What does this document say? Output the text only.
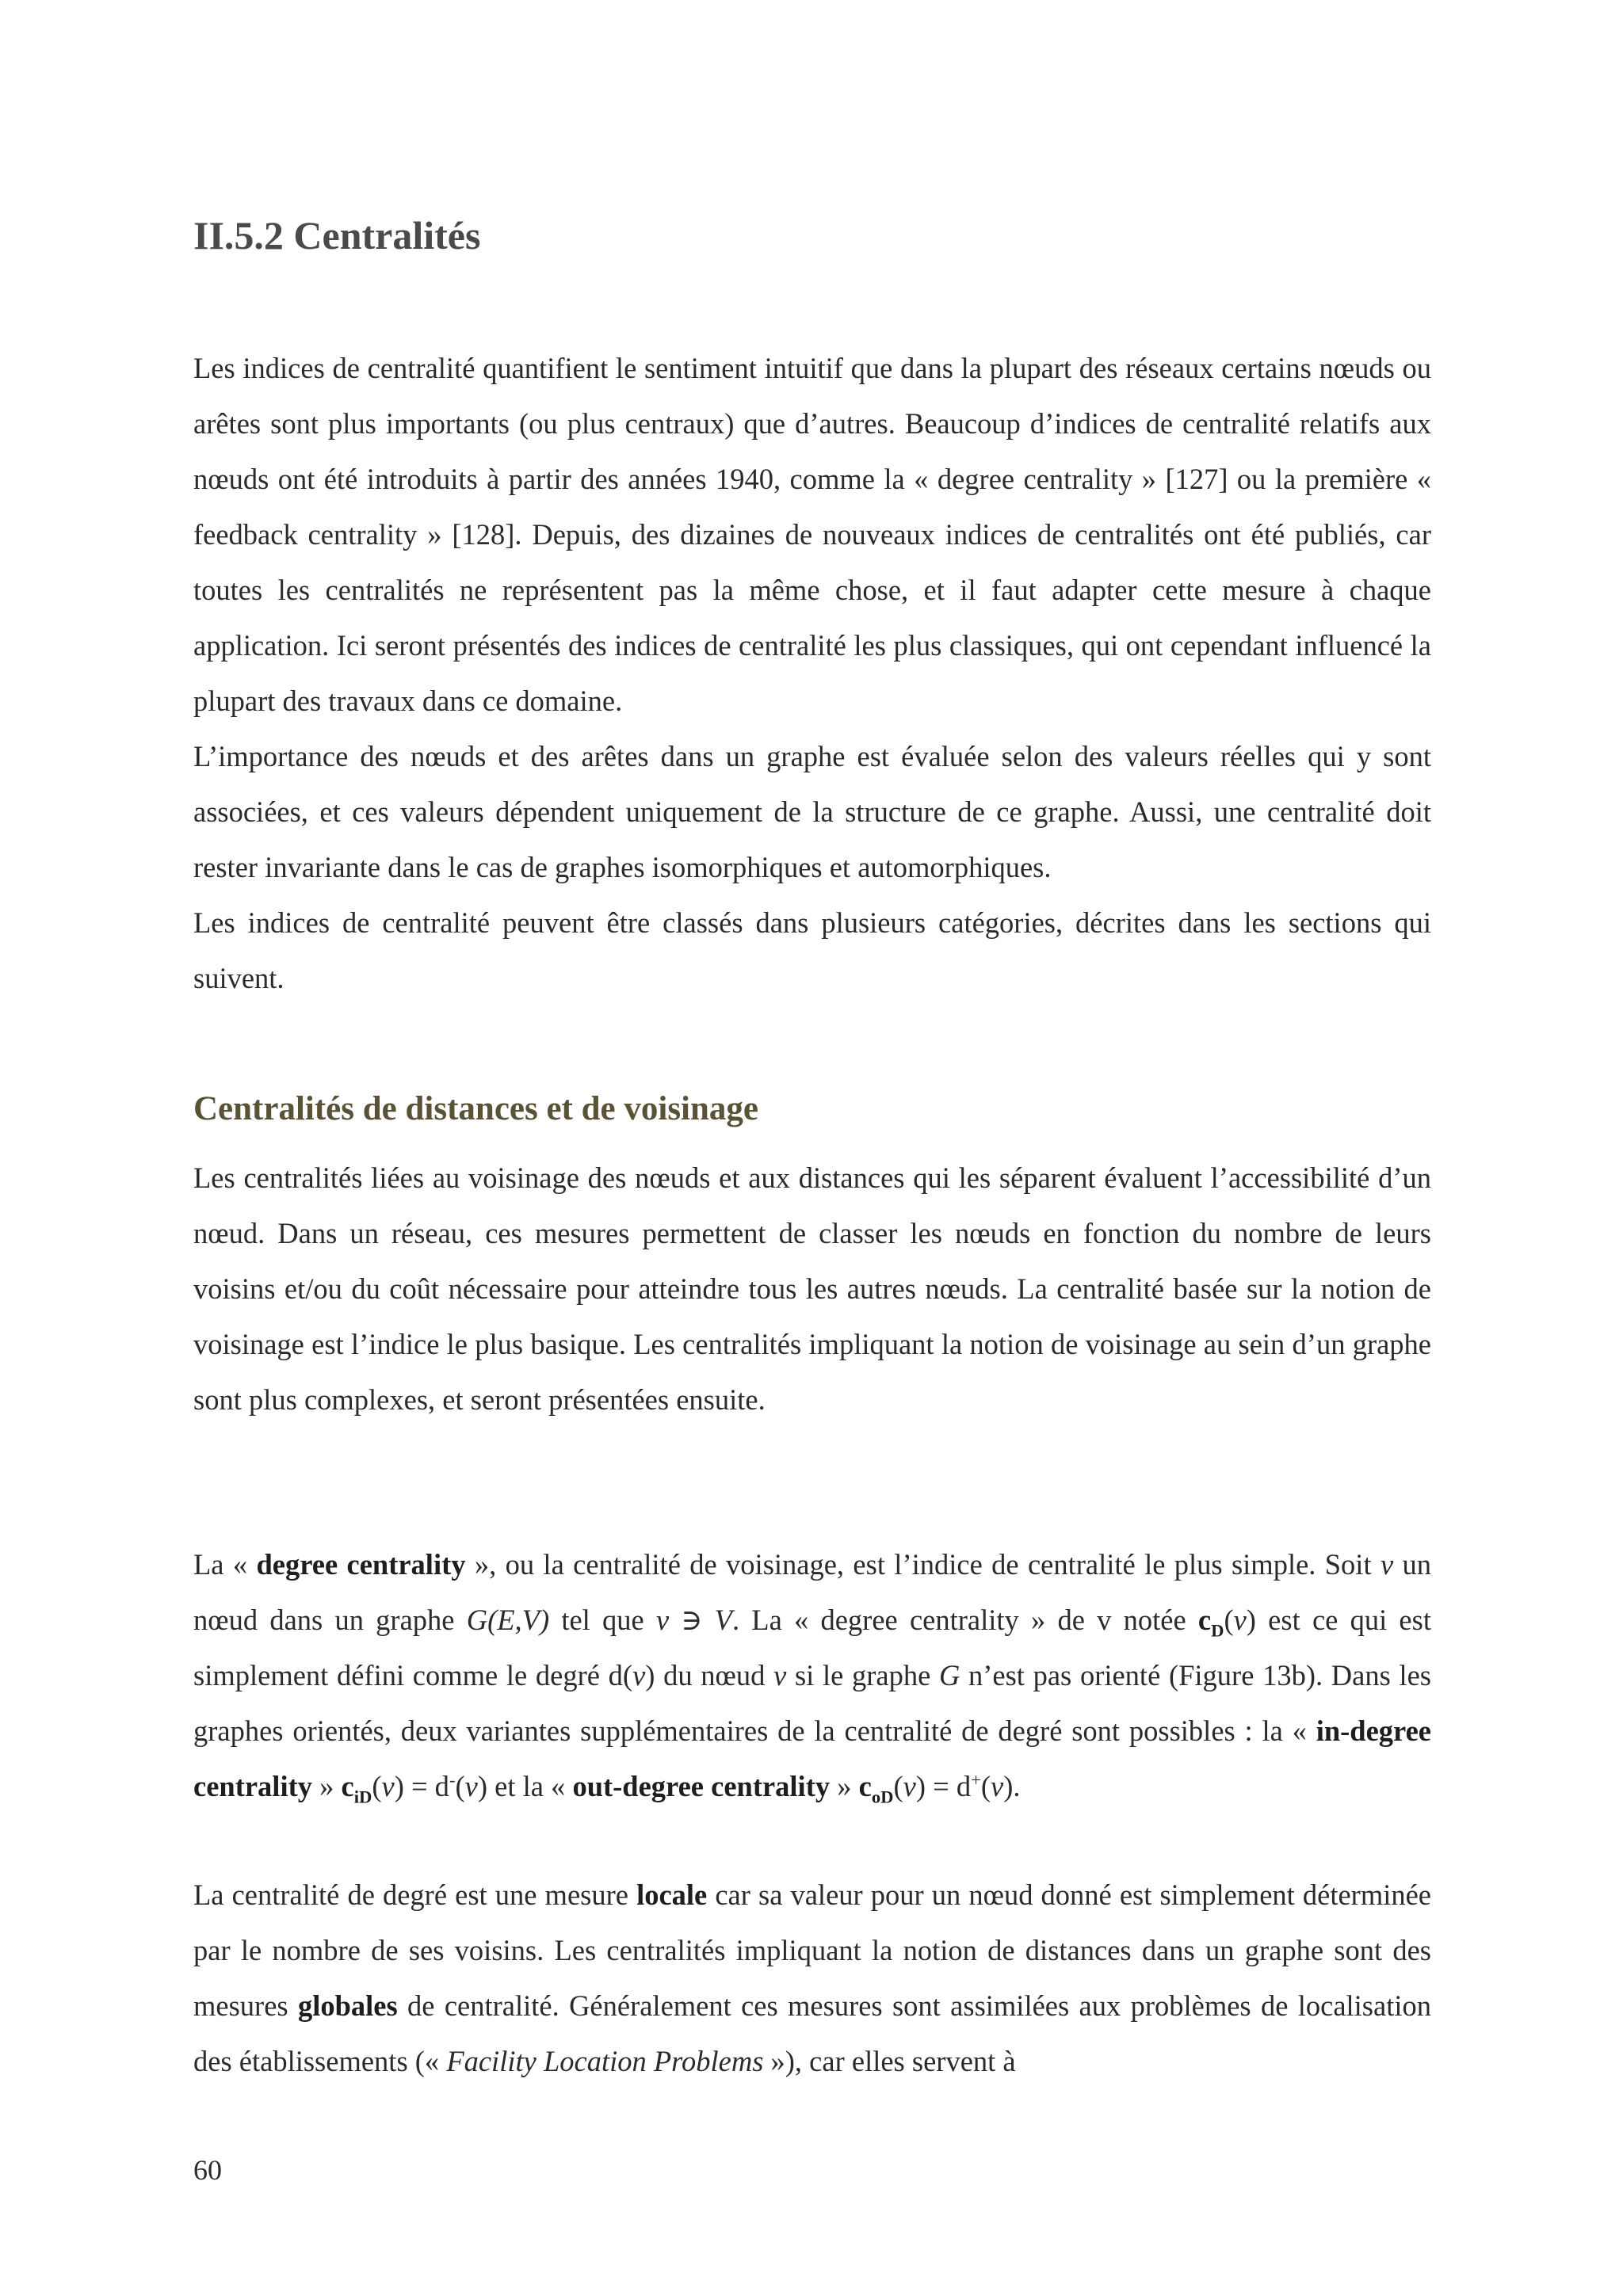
II.5.2 Centralités

Les indices de centralité quantifient le sentiment intuitif que dans la plupart des réseaux certains nœuds ou arêtes sont plus importants (ou plus centraux) que d’autres. Beaucoup d’indices de centralité relatifs aux nœuds ont été introduits à partir des années 1940, comme la « degree centrality » [127] ou la première « feedback centrality » [128]. Depuis, des dizaines de nouveaux indices de centralités ont été publiés, car toutes les centralités ne représentent pas la même chose, et il faut adapter cette mesure à chaque application. Ici seront présentés des indices de centralité les plus classiques, qui ont cependant influencé la plupart des travaux dans ce domaine.

L’importance des nœuds et des arêtes dans un graphe est évaluée selon des valeurs réelles qui y sont associées, et ces valeurs dépendent uniquement de la structure de ce graphe. Aussi, une centralité doit rester invariante dans le cas de graphes isomorphiques et automorphiques.

Les indices de centralité peuvent être classés dans plusieurs catégories, décrites dans les sections qui suivent.

Centralités de distances et de voisinage

Les centralités liées au voisinage des nœuds et aux distances qui les séparent évaluent l’accessibilité d’un nœud. Dans un réseau, ces mesures permettent de classer les nœuds en fonction du nombre de leurs voisins et/ou du coût nécessaire pour atteindre tous les autres nœuds. La centralité basée sur la notion de voisinage est l’indice le plus basique. Les centralités impliquant la notion de voisinage au sein d’un graphe sont plus complexes, et seront présentées ensuite.

La « degree centrality », ou la centralité de voisinage, est l’indice de centralité le plus simple. Soit v un nœud dans un graphe G(E,V) tel que v ∋ V. La « degree centrality » de v notée $c_D(v)$ est ce qui est simplement défini comme le degré d(v) du nœud v si le graphe G n’est pas orienté (Figure 13b). Dans les graphes orientés, deux variantes supplémentaires de la centralité de degré sont possibles : la « in-degree centrality » $c_{iD}(v) = d^-(v)$ et la « out-degree centrality » $c_{oD}(v) = d^+(v)$.

La centralité de degré est une mesure locale car sa valeur pour un nœud donné est simplement déterminée par le nombre de ses voisins. Les centralités impliquant la notion de distances dans un graphe sont des mesures globales de centralité. Généralement ces mesures sont assimilées aux problèmes de localisation des établissements (« Facility Location Problems »), car elles servent à

60
